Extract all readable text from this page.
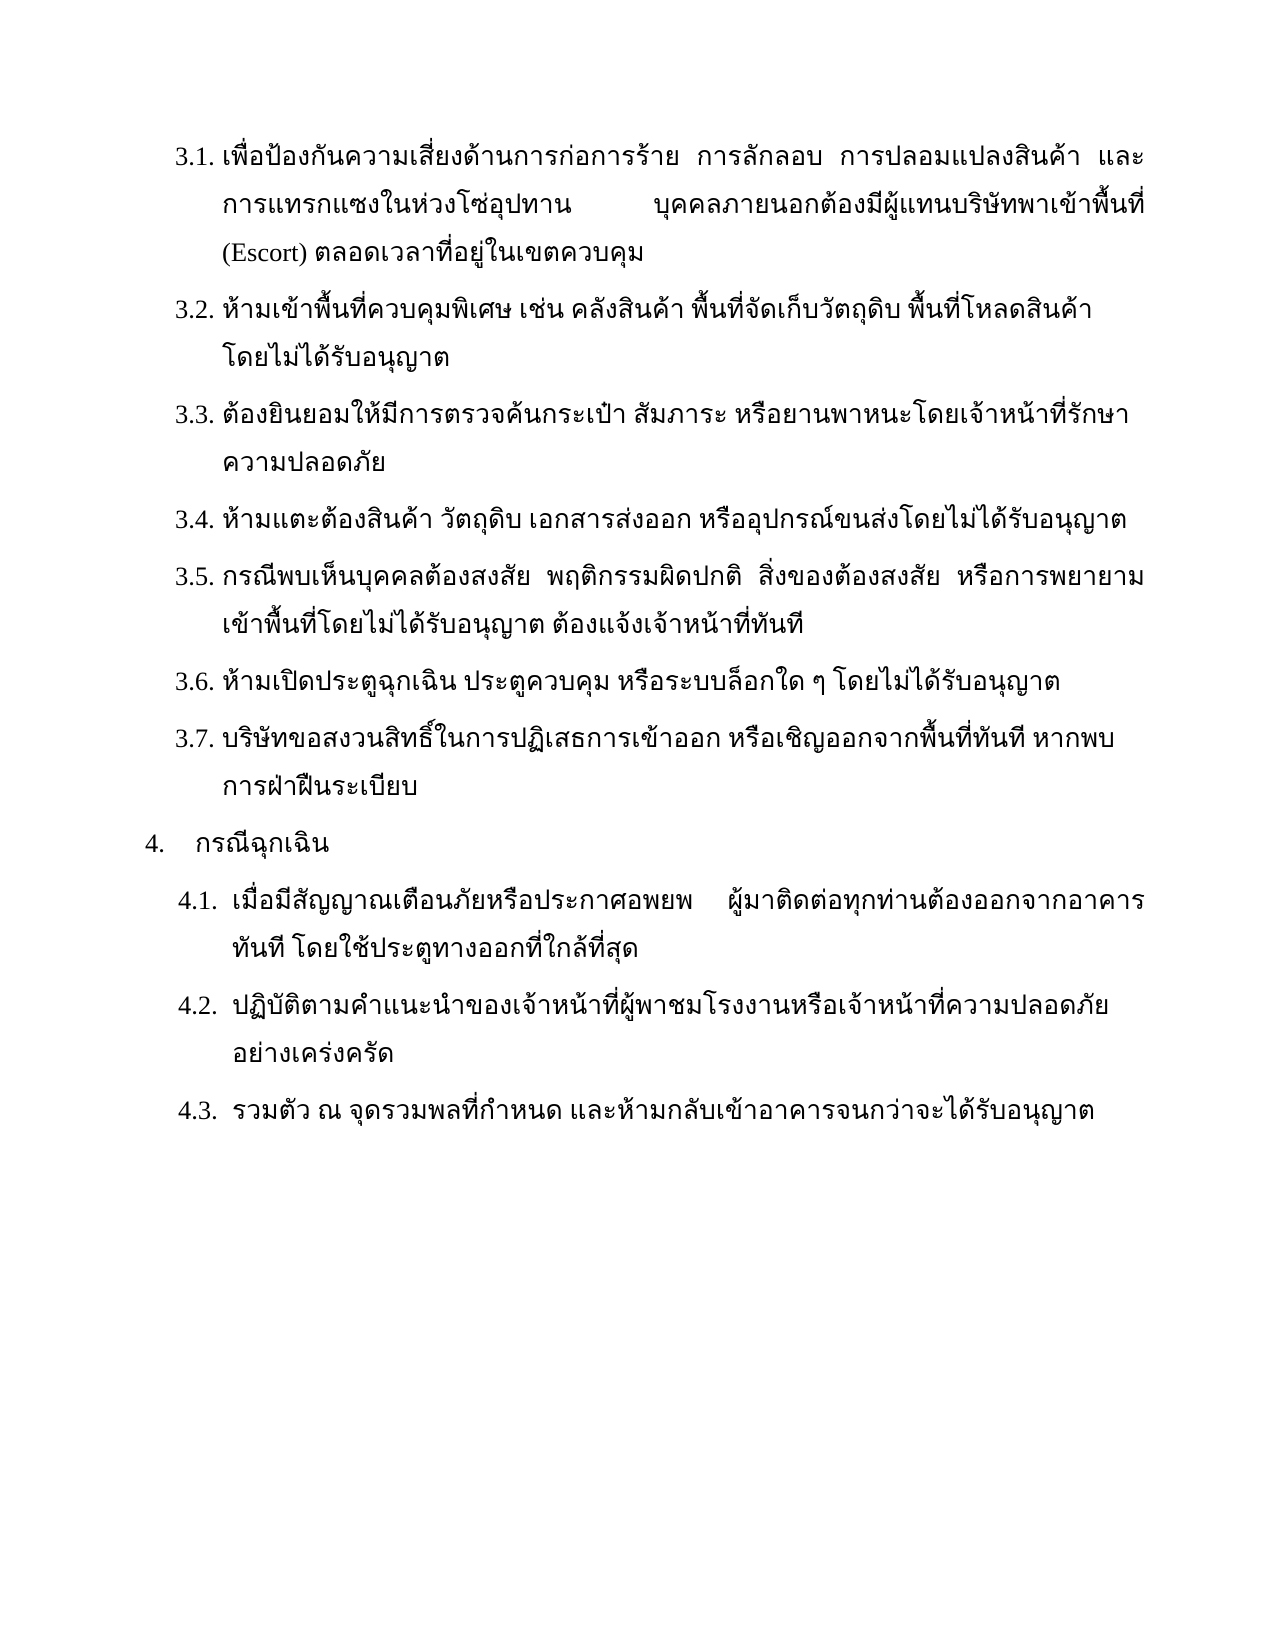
3.1. เพื่อป้องกันความเสี่ยงด้านการก่อการร้าย การลักลอบ การปลอมแปลงสินค้า และการแทรกแซงในห่วงโซ่อุปทาน บุคคลภายนอกต้องมีผู้แทนบริษัทพาเข้าพื้นที่ (Escort) ตลอดเวลาที่อยู่ในเขตควบคุม
3.2. ห้ามเข้าพื้นที่ควบคุมพิเศษ เช่น คลังสินค้า พื้นที่จัดเก็บวัตถุดิบ พื้นที่โหลดสินค้า โดยไม่ได้รับอนุญาต
3.3. ต้องยินยอมให้มีการตรวจค้นกระเป๋า สัมภาระ หรือยานพาหนะโดยเจ้าหน้าที่รักษาความปลอดภัย
3.4. ห้ามแตะต้องสินค้า วัตถุดิบ เอกสารส่งออก หรืออุปกรณ์ขนส่งโดยไม่ได้รับอนุญาต
3.5. กรณีพบเห็นบุคคลต้องสงสัย พฤติกรรมผิดปกติ สิ่งของต้องสงสัย หรือการพยายามเข้าพื้นที่โดยไม่ได้รับอนุญาต ต้องแจ้งเจ้าหน้าที่ทันที
3.6. ห้ามเปิดประตูฉุกเฉิน ประตูควบคุม หรือระบบล็อกใด ๆ โดยไม่ได้รับอนุญาต
3.7. บริษัทขอสงวนสิทธิ์ในการปฏิเสธการเข้าออก หรือเชิญออกจากพื้นที่ทันที หากพบการฝ่าฝืนระเบียบ
4.	กรณีฉุกเฉิน
4.1. เมื่อมีสัญญาณเตือนภัยหรือประกาศอพยพ ผู้มาติดต่อทุกท่านต้องออกจากอาคารทันที โดยใช้ประตูทางออกที่ใกล้ที่สุด
4.2. ปฏิบัติตามคำแนะนำของเจ้าหน้าที่ผู้พาชมโรงงานหรือเจ้าหน้าที่ความปลอดภัยอย่างเคร่งครัด
4.3. รวมตัว ณ จุดรวมพลที่กำหนด และห้ามกลับเข้าอาคารจนกว่าจะได้รับอนุญาต
